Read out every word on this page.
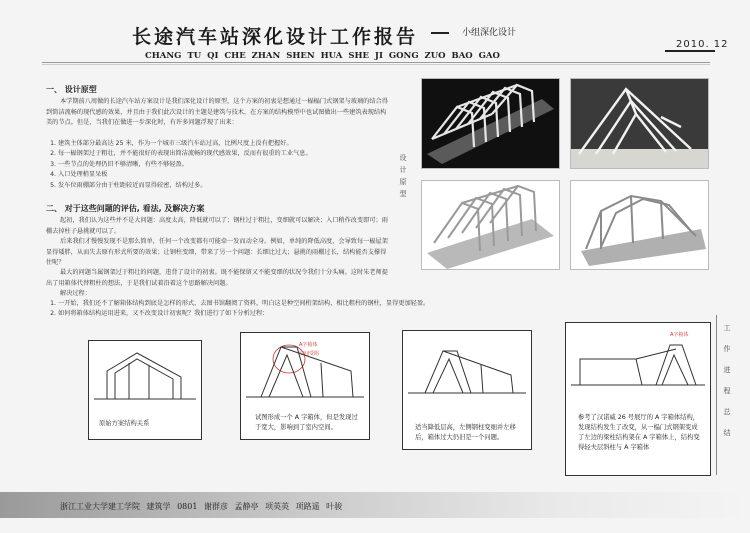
长途汽车站深化设计工作报告
CHANG TU QI CHE ZHAN SHEN HUA SHE JI GONG ZUO BAO GAO
小组深化设计
2010. 12
一、 设计原型
本学期前八周做的长途汽车站方案设计是我们深化设计的原型，这个方案的初衷是想通过一榀榀门式钢架与玻璃的结合得到简洁流畅的现代感的效果，并且由于我们此次设计的主题是建筑与技术，在方案的结构模型中也试图做出一些建筑表现结构美的节点。但是，当我们在做进一步深化时，有许多问题浮现了出来：
1. 建筑主体部分最高达 25 米，作为一个城市三级汽车站过高，比例尺度上没有把握好。
2. 每一榀钢架过于粗壮，并不能很好的表现出简洁流畅的现代感效果，反而有很重的工业气息。
3. 一些节点的处理仍旧不够清晰，有些不够轻盈。
4. 入口处理稍显呆板
5. 发车位雨棚部分由于柱距较近而显得较密，结构过多。
二、 对于这些问题的评估, 看法, 及解决方案
起初，我们认为这些并不是大问题：高度太高，降低就可以了；钢柱过于粗壮，变细就可以解决；入口稍作改变即可；雨棚去掉柱子悬挑就可以了。
后来我们才慢慢发现不是那么简单，任何一个改变都有可能牵一发而动全身。例如，单纯的降低高度，会导致每一榀屋架显得矮胖，从而失去原有形式所要的效果；让钢柱变细，带来了另一个问题：长细比过大；悬挑的雨棚过长，结构能否支撑得住呢？
最大的问题当属钢架过于粗壮的问题，违背了设计的初衷。既不能保留又不能变细的状况令我们十分头痛。这时朱老师提出了用箱体代替粗柱的想法，于是我们试着沿着这个思路解决问题。
解决过程：
1. 一开始，我们还不了解箱体结构到底是怎样的形式，去图书馆翻阅了资料，明白这是种空间桁架结构，相比粗柱的钢柱，显得更加轻盈。
2. 如何将箱体结构运用进来，又不改变设计初衷呢？我们进行了如下分析过程：
设
计
原
型
原始方案结构关系
A字箱体
空间受阻
试图形成一个 A 字箱体，但是发现过于宽大，影响到了室内空间。	适当降低层高，左侧钢柱变细并左移后，箱体过大仍旧是一个问题。
A字箱体
参考了汉诺威 26 号展厅的 A 字箱体结构，发现结构发生了改变，从一榀门式钢架变成了左边的梁柱结构架在 A 字箱体上，结构变得轻夫层斜柱与 A 字箱体
工
作
进
程
总
结
浙江工业大学建工学院 建筑学 0801 谢群彦 孟静亭 项英英 项路遥 叶骏
